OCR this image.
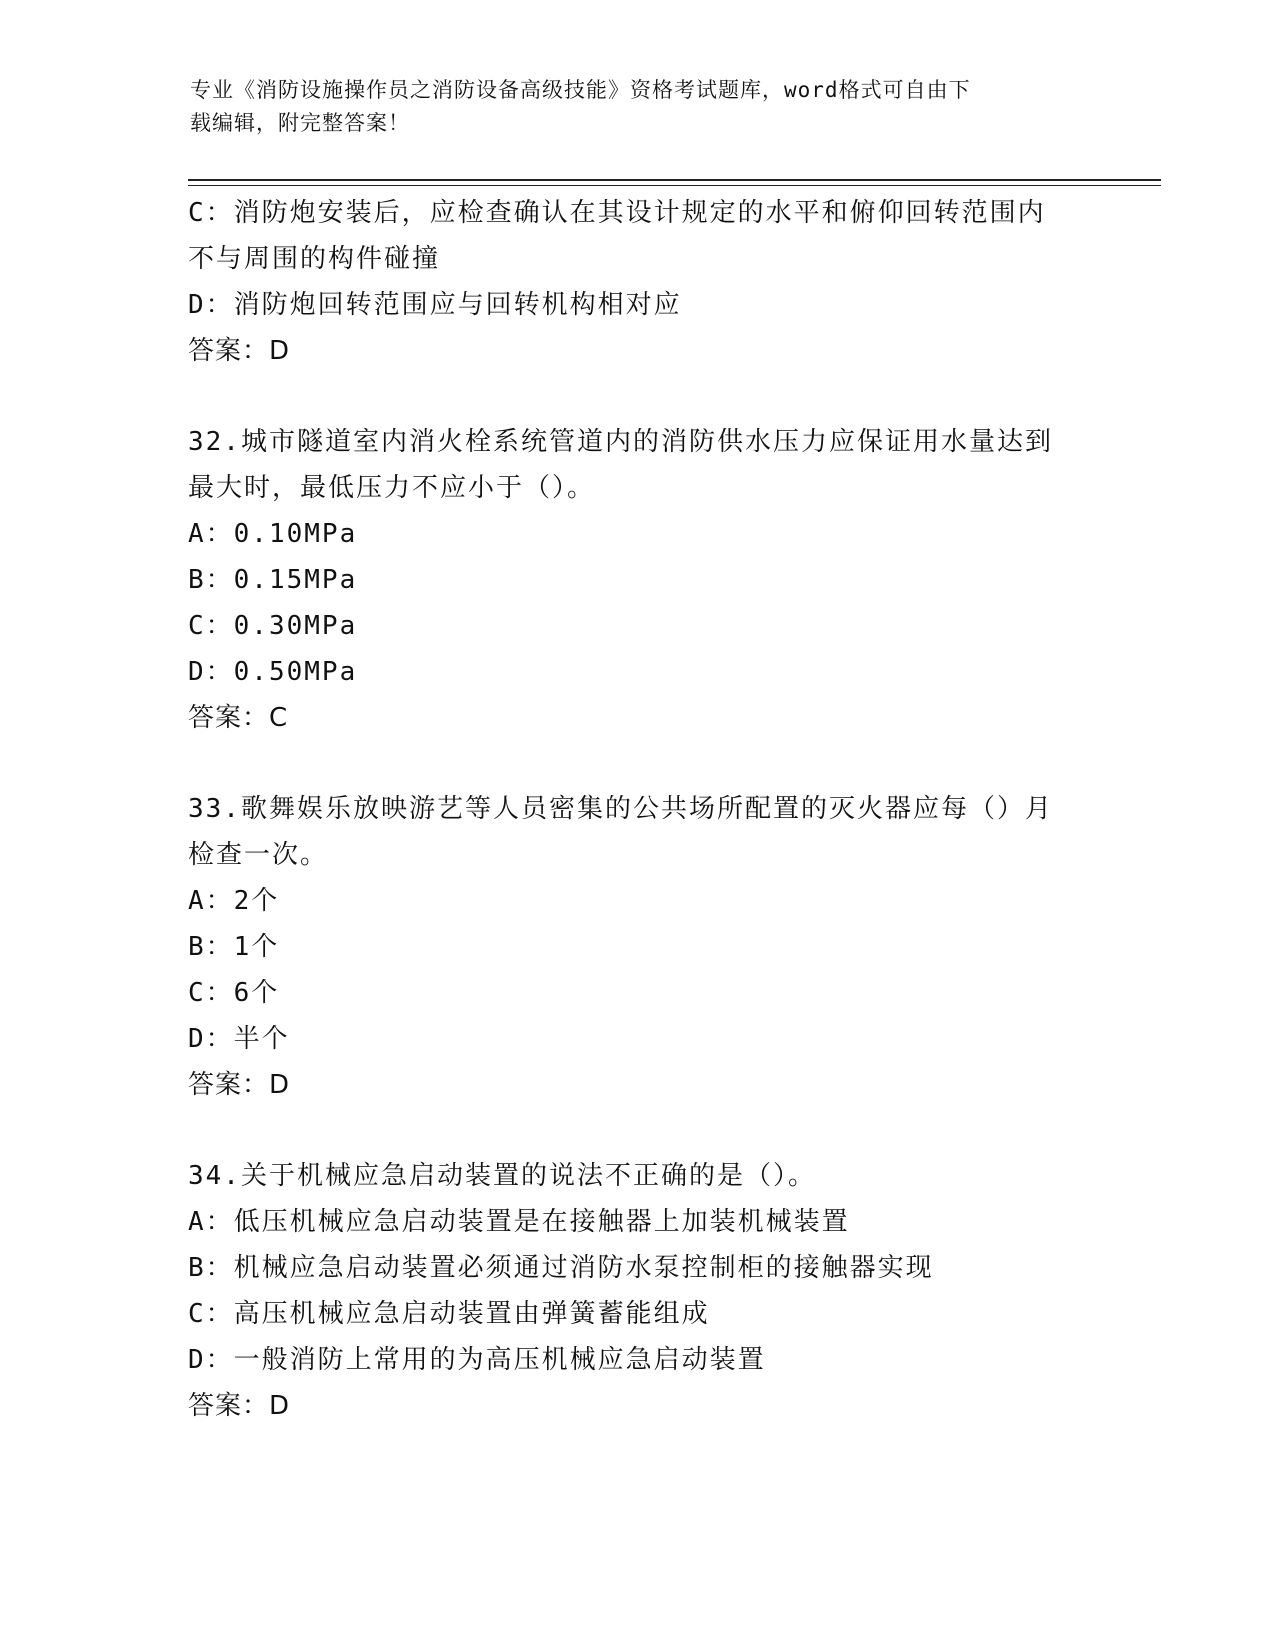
专业《消防设施操作员之消防设备高级技能》资格考试题库，word格式可自由下
载编辑，附完整答案！
C：消防炮安装后，应检查确认在其设计规定的水平和俯仰回转范围内
不与周围的构件碰撞
D：消防炮回转范围应与回转机构相对应
答案：D
32.城市隧道室内消火栓系统管道内的消防供水压力应保证用水量达到
最大时，最低压力不应小于（）。
A：0.10MPa
B：0.15MPa
C：0.30MPa
D：0.50MPa
答案：C
33.歌舞娱乐放映游艺等人员密集的公共场所配置的灭火器应每（）月
检查一次。
A：2个
B：1个
C：6个
D：半个
答案：D
34.关于机械应急启动装置的说法不正确的是（）。
A：低压机械应急启动装置是在接触器上加装机械装置
B：机械应急启动装置必须通过消防水泵控制柜的接触器实现
C：高压机械应急启动装置由弹簧蓄能组成
D：一般消防上常用的为高压机械应急启动装置
答案：D
